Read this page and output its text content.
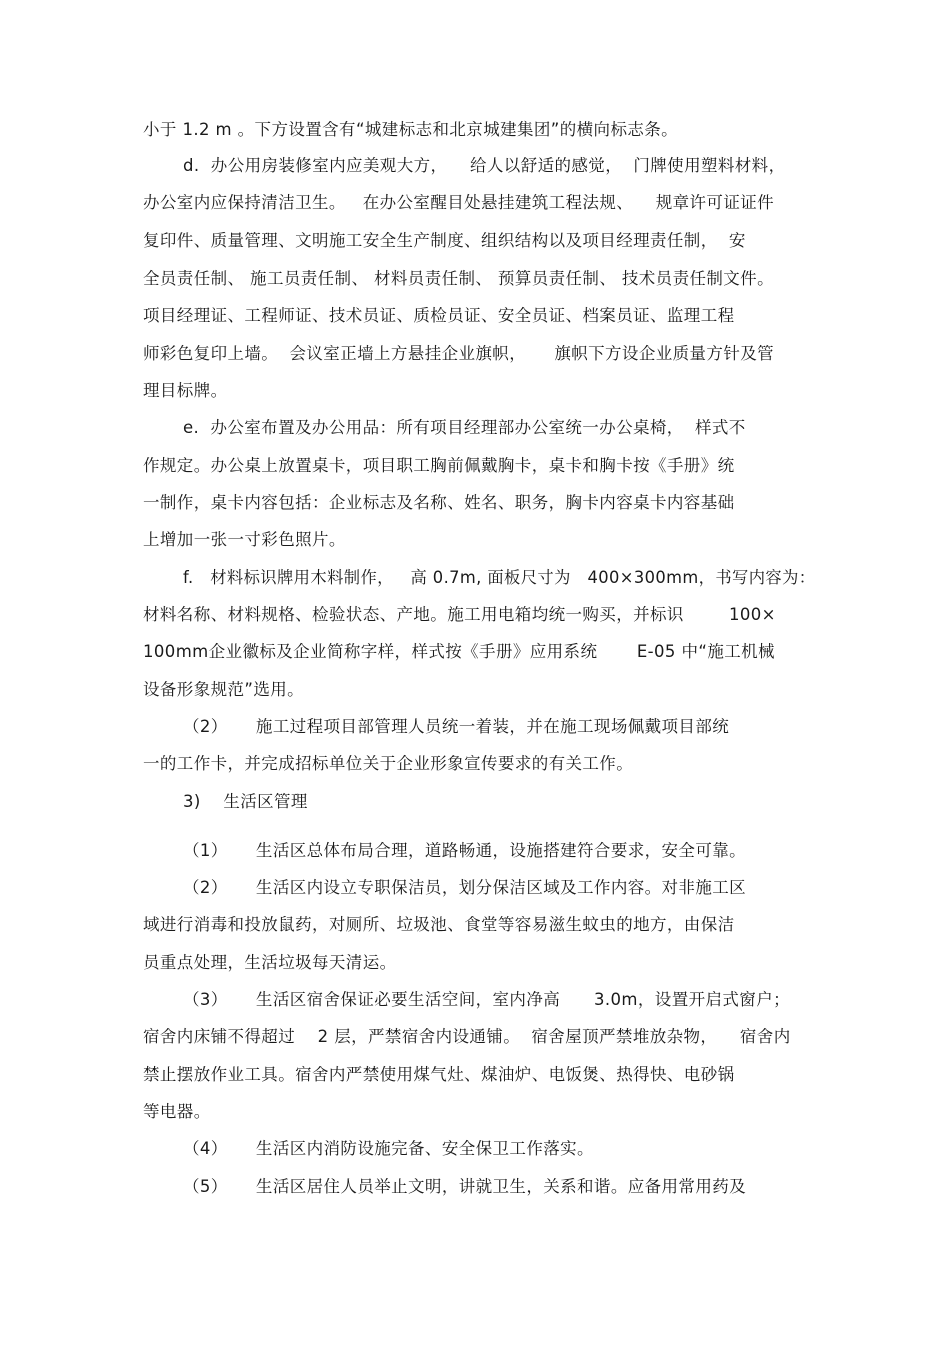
小于 1.2 m 。下方设置含有“城建标志和北京城建集团”的横向标志条。
d.  办公用房装修室内应美观大方，    给人以舒适的感觉，  门牌使用塑料材料，
办公室内应保持清洁卫生。   在办公室醒目处悬挂建筑工程法规、    规章许可证证件
复印件、质量管理、文明施工安全生产制度、组织结构以及项目经理责任制，  安
全员责任制、 施工员责任制、 材料员责任制、 预算员责任制、 技术员责任制文件。
项目经理证、工程师证、技术员证、质检员证、安全员证、档案员证、监理工程
师彩色复印上墙。  会议室正墙上方悬挂企业旗帜，     旗帜下方设企业质量方针及管
理目标牌。
e.  办公室布置及办公用品：所有项目经理部办公室统一办公桌椅，  样式不
作规定。办公桌上放置桌卡，项目职工胸前佩戴胸卡，桌卡和胸卡按《手册》统
一制作，桌卡内容包括：企业标志及名称、姓名、职务，胸卡内容桌卡内容基础
上增加一张一寸彩色照片。
f.   材料标识牌用木料制作，   高 0.7m, 面板尺寸为   400×300mm，书写内容为：
材料名称、材料规格、检验状态、产地。施工用电箱均统一购买，并标识        100×
100mm企业徽标及企业简称字样，样式按《手册》应用系统       E-05 中“施工机械
设备形象规范”选用。
（2）     施工过程项目部管理人员统一着装，并在施工现场佩戴项目部统
一的工作卡，并完成招标单位关于企业形象宣传要求的有关工作。
3)    生活区管理
（1）     生活区总体布局合理，道路畅通，设施搭建符合要求，安全可靠。
（2）     生活区内设立专职保洁员，划分保洁区域及工作内容。对非施工区
域进行消毒和投放鼠药，对厕所、垃圾池、食堂等容易滋生蚊虫的地方，由保洁
员重点处理，生活垃圾每天清运。
（3）     生活区宿舍保证必要生活空间，室内净高      3.0m，设置开启式窗户；
宿舍内床铺不得超过    2 层，严禁宿舍内设通铺。  宿舍屋顶严禁堆放杂物，    宿舍内
禁止摆放作业工具。宿舍内严禁使用煤气灶、煤油炉、电饭煲、热得快、电砂锅
等电器。
（4）     生活区内消防设施完备、安全保卫工作落实。
（5）     生活区居住人员举止文明，讲就卫生，关系和谐。应备用常用药及
